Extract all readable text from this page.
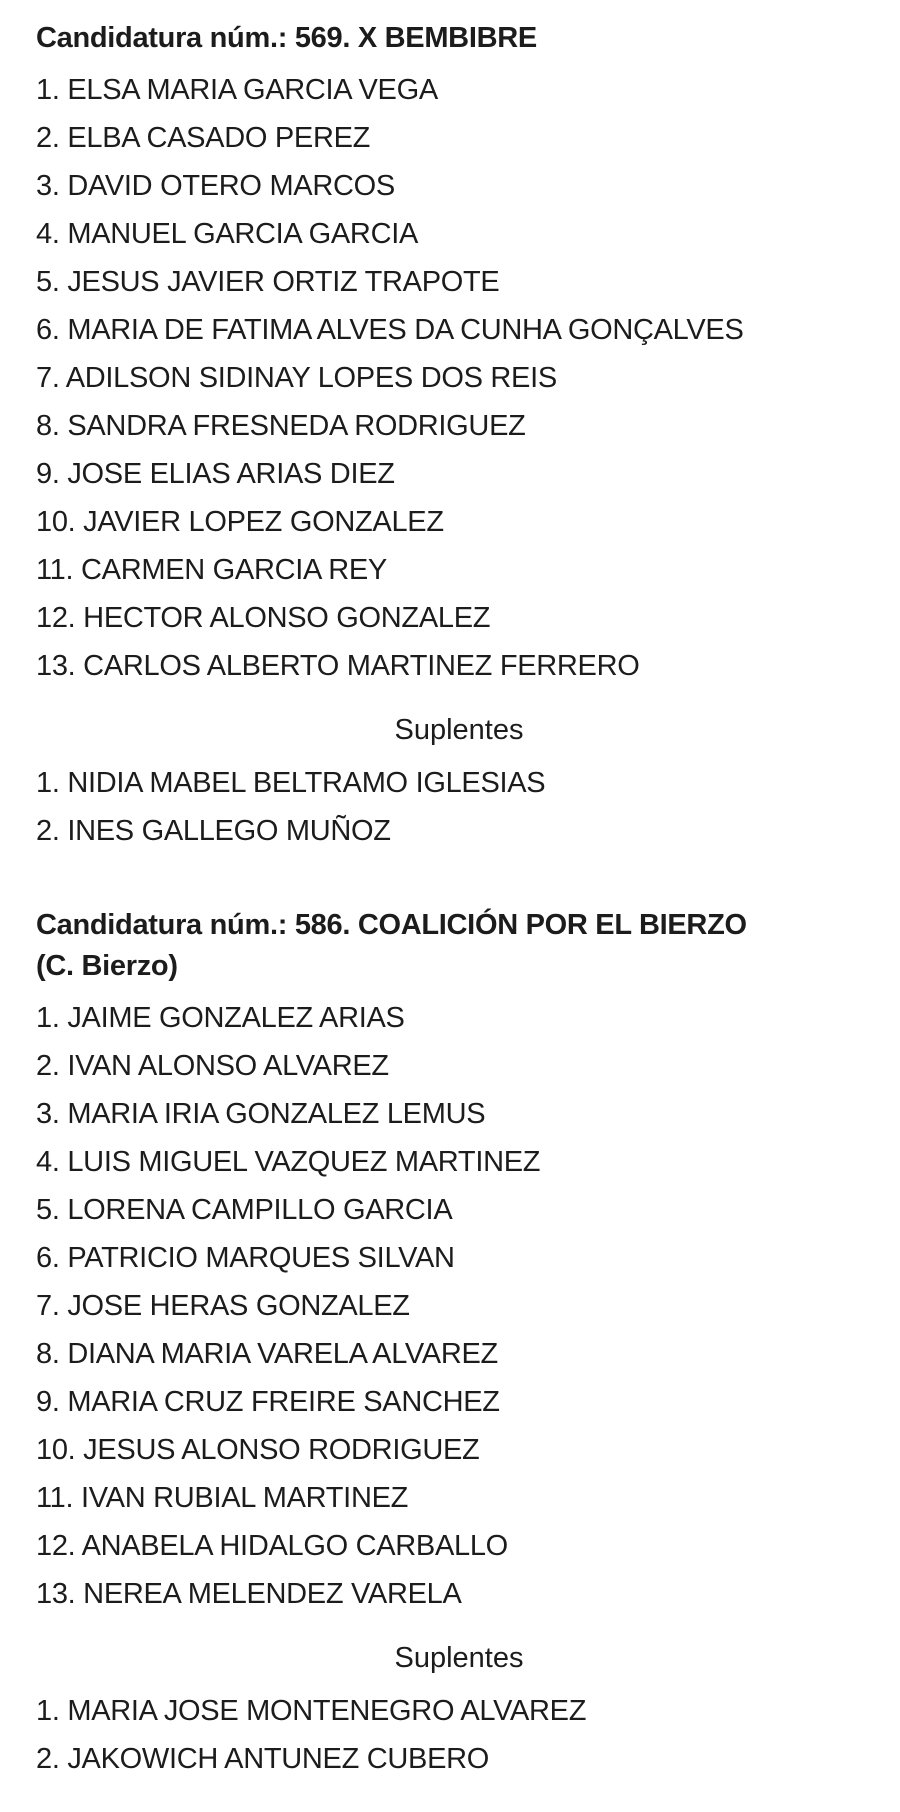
Candidatura núm.: 569. X BEMBIBRE
1. ELSA MARIA GARCIA VEGA
2. ELBA CASADO PEREZ
3. DAVID OTERO MARCOS
4. MANUEL GARCIA GARCIA
5. JESUS JAVIER ORTIZ TRAPOTE
6. MARIA DE FATIMA ALVES DA CUNHA GONÇALVES
7. ADILSON SIDINAY LOPES DOS REIS
8. SANDRA FRESNEDA RODRIGUEZ
9. JOSE ELIAS ARIAS DIEZ
10. JAVIER LOPEZ GONZALEZ
11. CARMEN GARCIA REY
12. HECTOR ALONSO GONZALEZ
13. CARLOS ALBERTO MARTINEZ FERRERO
Suplentes
1. NIDIA MABEL BELTRAMO IGLESIAS
2. INES GALLEGO MUÑOZ
Candidatura núm.: 586. COALICIÓN POR EL BIERZO
(C. Bierzo)
1. JAIME GONZALEZ ARIAS
2. IVAN ALONSO ALVAREZ
3. MARIA IRIA GONZALEZ LEMUS
4. LUIS MIGUEL VAZQUEZ MARTINEZ
5. LORENA CAMPILLO GARCIA
6. PATRICIO MARQUES SILVAN
7. JOSE HERAS GONZALEZ
8. DIANA MARIA VARELA ALVAREZ
9. MARIA CRUZ FREIRE SANCHEZ
10. JESUS ALONSO RODRIGUEZ
11. IVAN RUBIAL MARTINEZ
12. ANABELA HIDALGO CARBALLO
13. NEREA MELENDEZ VARELA
Suplentes
1. MARIA JOSE MONTENEGRO ALVAREZ
2. JAKOWICH ANTUNEZ CUBERO
